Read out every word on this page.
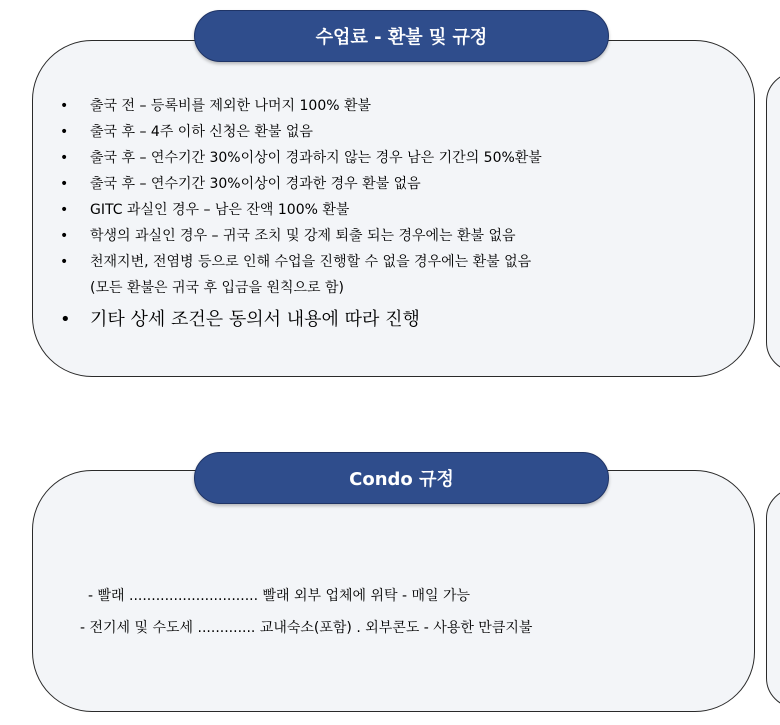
수업료 - 환불 및 규정
• 출국 전 – 등록비를 제외한 나머지 100% 환불
• 출국 후 – 4주 이하 신청은 환불 없음
• 출국 후 – 연수기간 30%이상이 경과하지 않는 경우 남은 기간의 50%환불
• 출국 후 – 연수기간 30%이상이 경과한 경우 환불 없음
• GITC 과실인 경우 – 남은 잔액 100% 환불
• 학생의 과실인 경우 – 귀국 조치 및 강제 퇴출 되는 경우에는 환불 없음
• 천재지변, 전염병 등으로 인해 수업을 진행할 수 없을 경우에는 환불 없음
(모든 환불은 귀국 후 입금을 원칙으로 함)
• 기타 상세 조건은 동의서 내용에 따라 진행
Condo 규정
- 빨래 ............................. 빨래 외부 업체에 위탁 - 매일 가능
- 전기세 및 수도세 ............. 교내숙소(포함) . 외부콘도 - 사용한 만큼지불
